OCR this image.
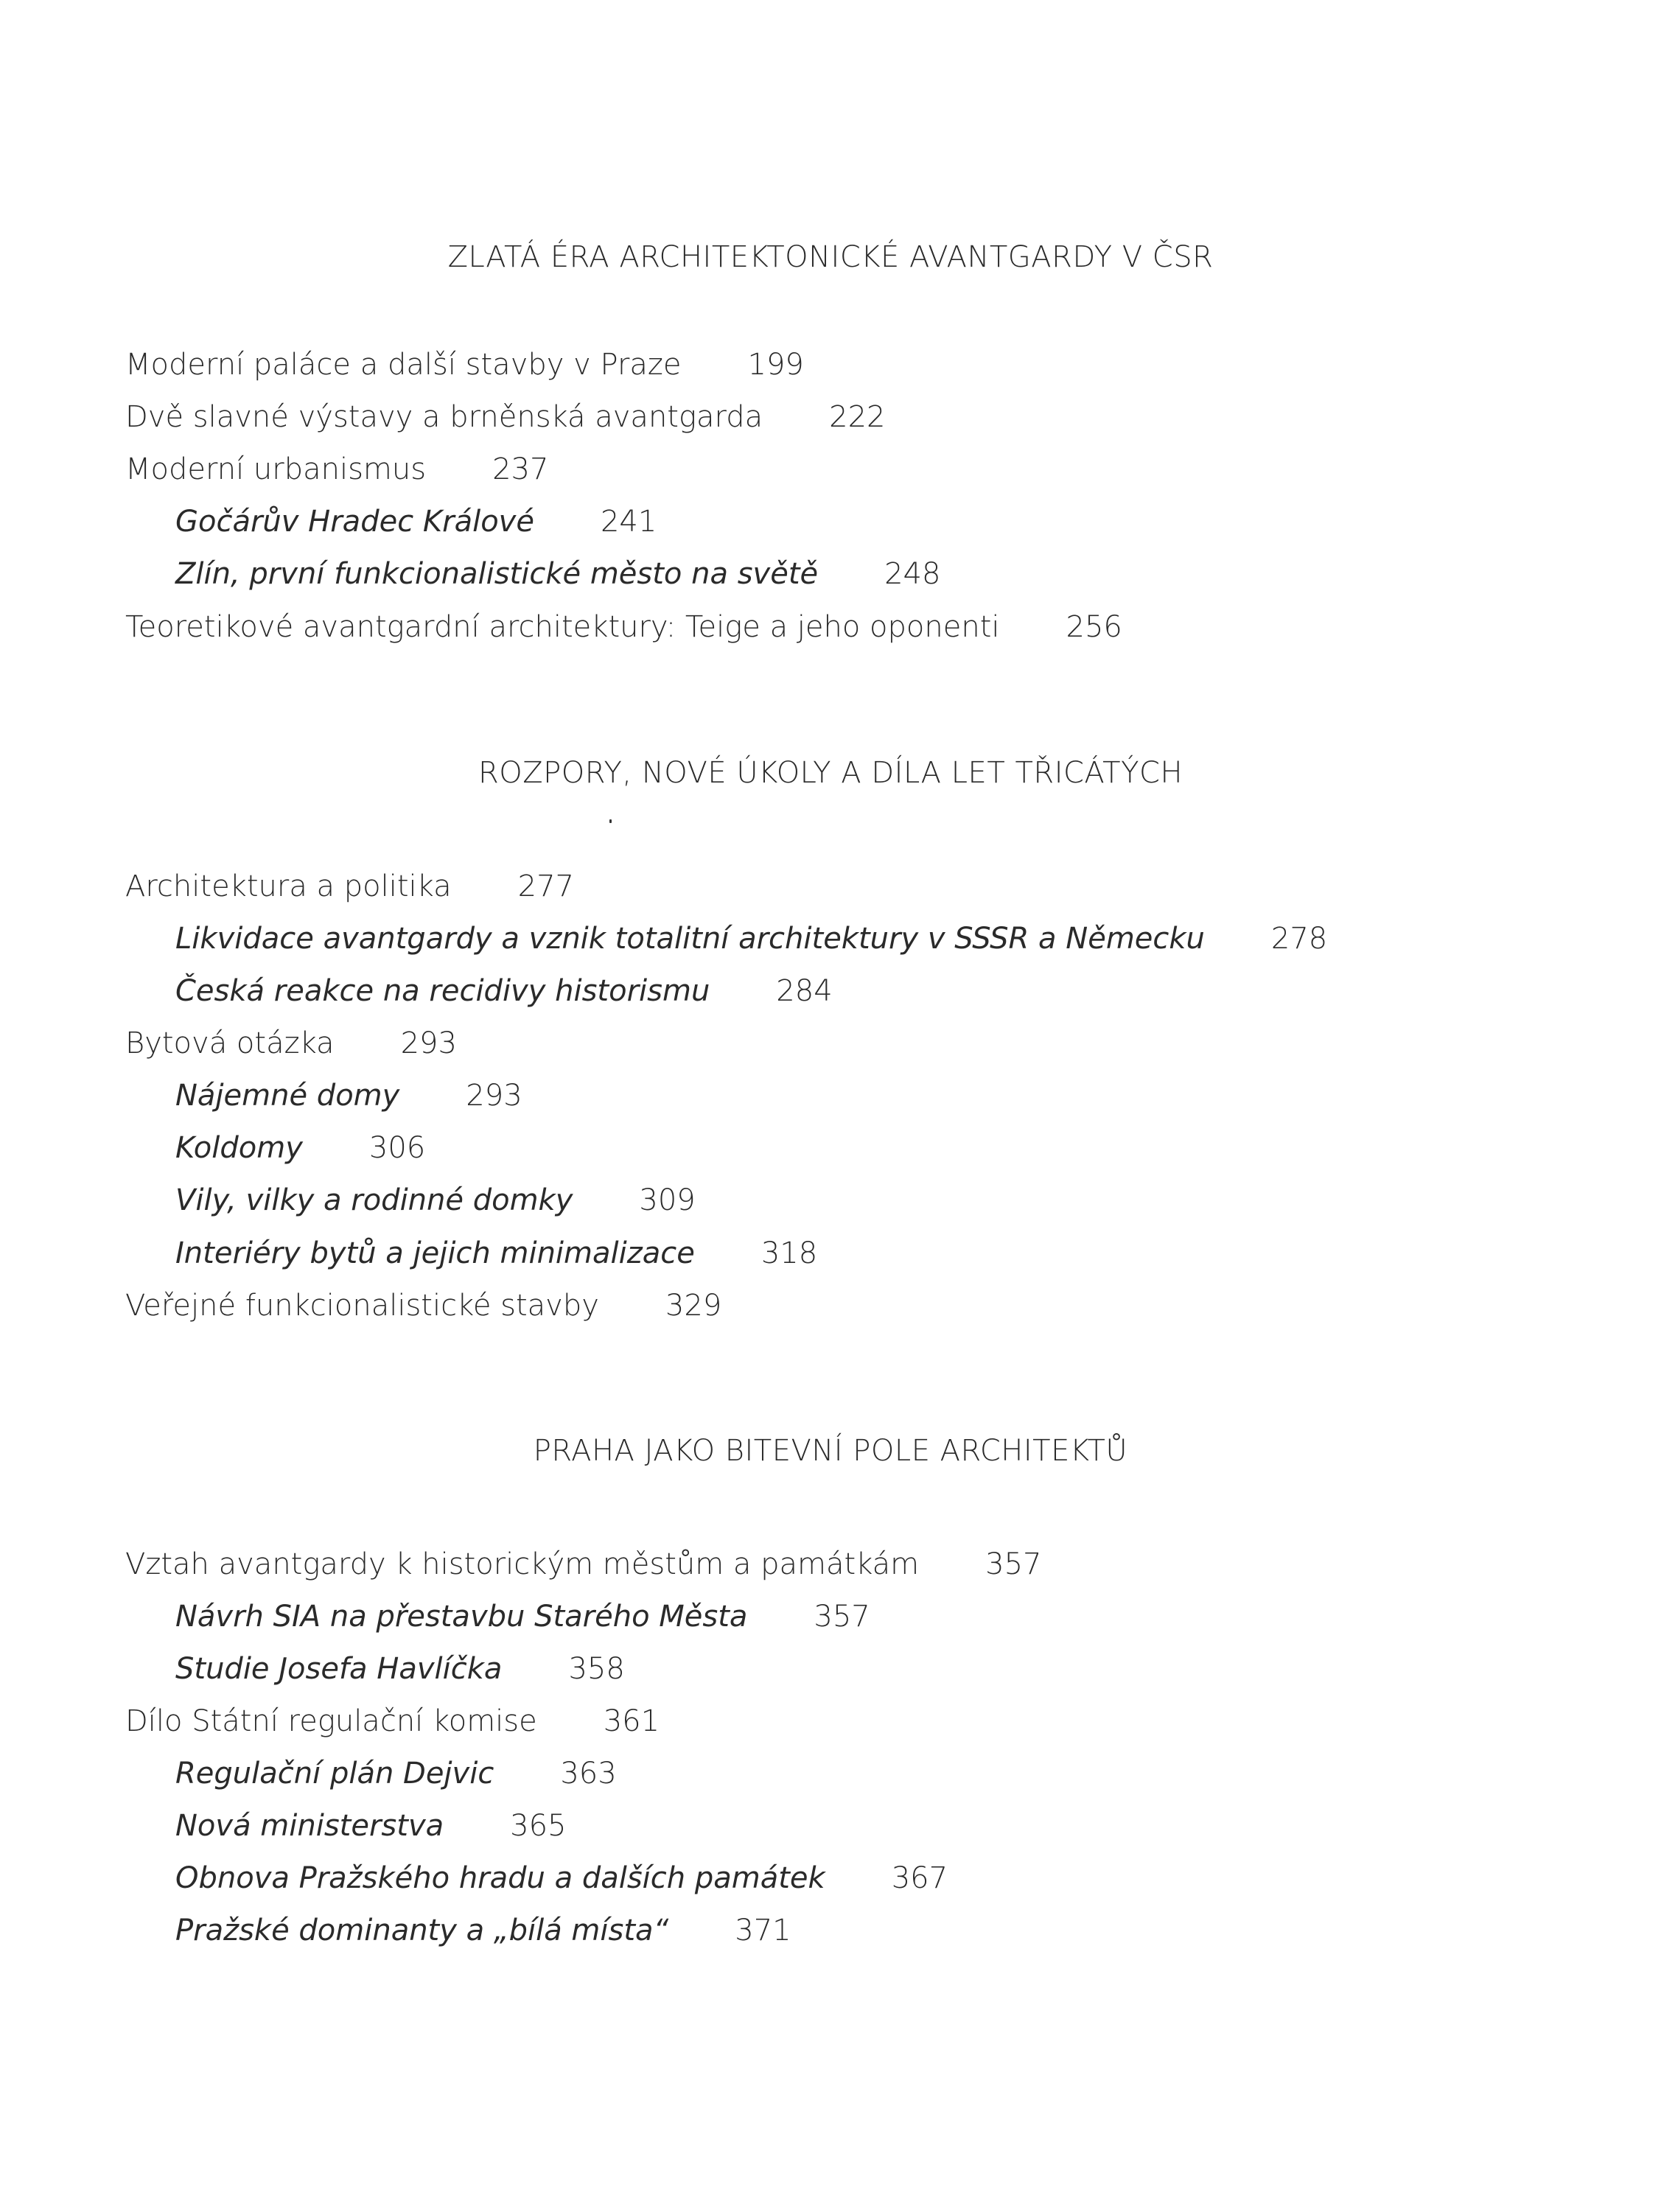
ZLATÁ ÉRA ARCHITEKTONICKÉ AVANTGARDY V ČSR
Moderní paláce a další stavby v Praze 199
Dvě slavné výstavy a brněnská avantgarda 222
Moderní urbanismus 237
Gočárův Hradec Králové 241
Zlín, první funkcionalistické město na světě 248
Teoretikové avantgardní architektury: Teige a jeho oponenti 256
ROZPORY, NOVÉ ÚKOLY A DÍLA LET TŘICÁTÝCH
Architektura a politika 277
Likvidace avantgardy a vznik totalitní architektury v SSSR a Německu 278
Česká reakce na recidivy historismu 284
Bytová otázka 293
Nájemné domy 293
Koldomy 306
Vily, vilky a rodinné domky 309
Interiéry bytů a jejich minimalizace 318
Veřejné funkcionalistické stavby 329
PRAHA JAKO BITEVNÍ POLE ARCHITEKTŮ
Vztah avantgardy k historickým městům a památkám 357
Návrh SIA na přestavbu Starého Města 357
Studie Josefa Havlíčka 358
Dílo Státní regulační komise 361
Regulační plán Dejvic 363
Nová ministerstva 365
Obnova Pražského hradu a dalších památek 367
Pražské dominanty a „bílá místa“ 371
